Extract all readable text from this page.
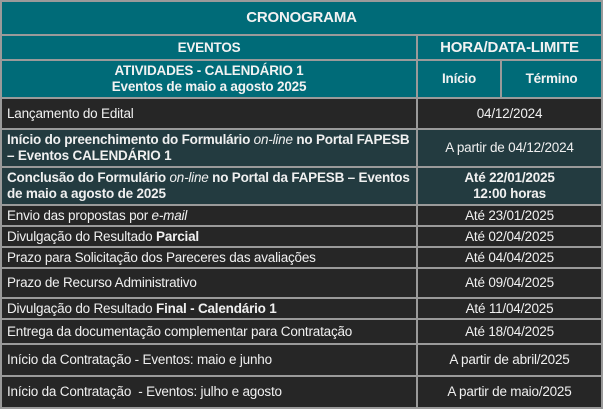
CRONOGRAMA		
EVENTOS	HORA/DATA-LIMITE	
ATIVIDADES - CALENDÁRIO 1
Eventos de maio a agosto 2025	Início	Término
Lançamento do Edital	04/12/2024	
Início do preenchimento do Formulário on-line no Portal FAPESB – Eventos CALENDÁRIO 1	A partir de 04/12/2024	
Conclusão do Formulário on-line no Portal da FAPESB – Eventos de maio a agosto de 2025	Até 22/01/2025
12:00 horas	
Envio das propostas por e-mail	Até 23/01/2025	
Divulgação do Resultado Parcial	Até 02/04/2025	
Prazo para Solicitação dos Pareceres das avaliações	Até 04/04/2025	
Prazo de Recurso Administrativo	Até 09/04/2025	
Divulgação do Resultado Final - Calendário 1	Até 11/04/2025	
Entrega da documentação complementar para Contratação	Até 18/04/2025	
Início da Contratação - Eventos: maio e junho	A partir de abril/2025	
Início da Contratação  - Eventos: julho e agosto	A partir de maio/2025	
